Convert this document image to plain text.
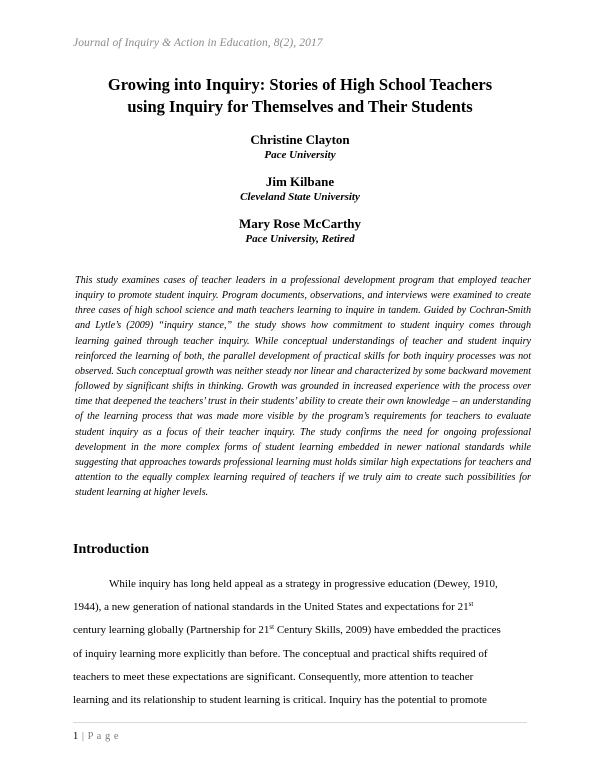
Journal of Inquiry & Action in Education, 8(2), 2017
Growing into Inquiry: Stories of High School Teachers
using Inquiry for Themselves and Their Students
Christine Clayton
Pace University
Jim Kilbane
Cleveland State University
Mary Rose McCarthy
Pace University, Retired
This study examines cases of teacher leaders in a professional development program that employed teacher inquiry to promote student inquiry. Program documents, observations, and interviews were examined to create three cases of high school science and math teachers learning to inquire in tandem. Guided by Cochran-Smith and Lytle’s (2009) “inquiry stance,” the study shows how commitment to student inquiry comes through learning gained through teacher inquiry. While conceptual understandings of teacher and student inquiry reinforced the learning of both, the parallel development of practical skills for both inquiry processes was not observed. Such conceptual growth was neither steady nor linear and characterized by some backward movement followed by significant shifts in thinking. Growth was grounded in increased experience with the process over time that deepened the teachers’ trust in their students’ ability to create their own knowledge – an understanding of the learning process that was made more visible by the program’s requirements for teachers to evaluate student inquiry as a focus of their teacher inquiry. The study confirms the need for ongoing professional development in the more complex forms of student learning embedded in newer national standards while suggesting that approaches towards professional learning must holds similar high expectations for teachers and attention to the equally complex learning required of teachers if we truly aim to create such possibilities for student learning at higher levels.
Introduction
While inquiry has long held appeal as a strategy in progressive education (Dewey, 1910,
1944), a new generation of national standards in the United States and expectations for 21st
century learning globally (Partnership for 21st Century Skills, 2009) have embedded the practices
of inquiry learning more explicitly than before. The conceptual and practical shifts required of
teachers to meet these expectations are significant. Consequently, more attention to teacher
learning and its relationship to student learning is critical. Inquiry has the potential to promote
1 | P a g e
